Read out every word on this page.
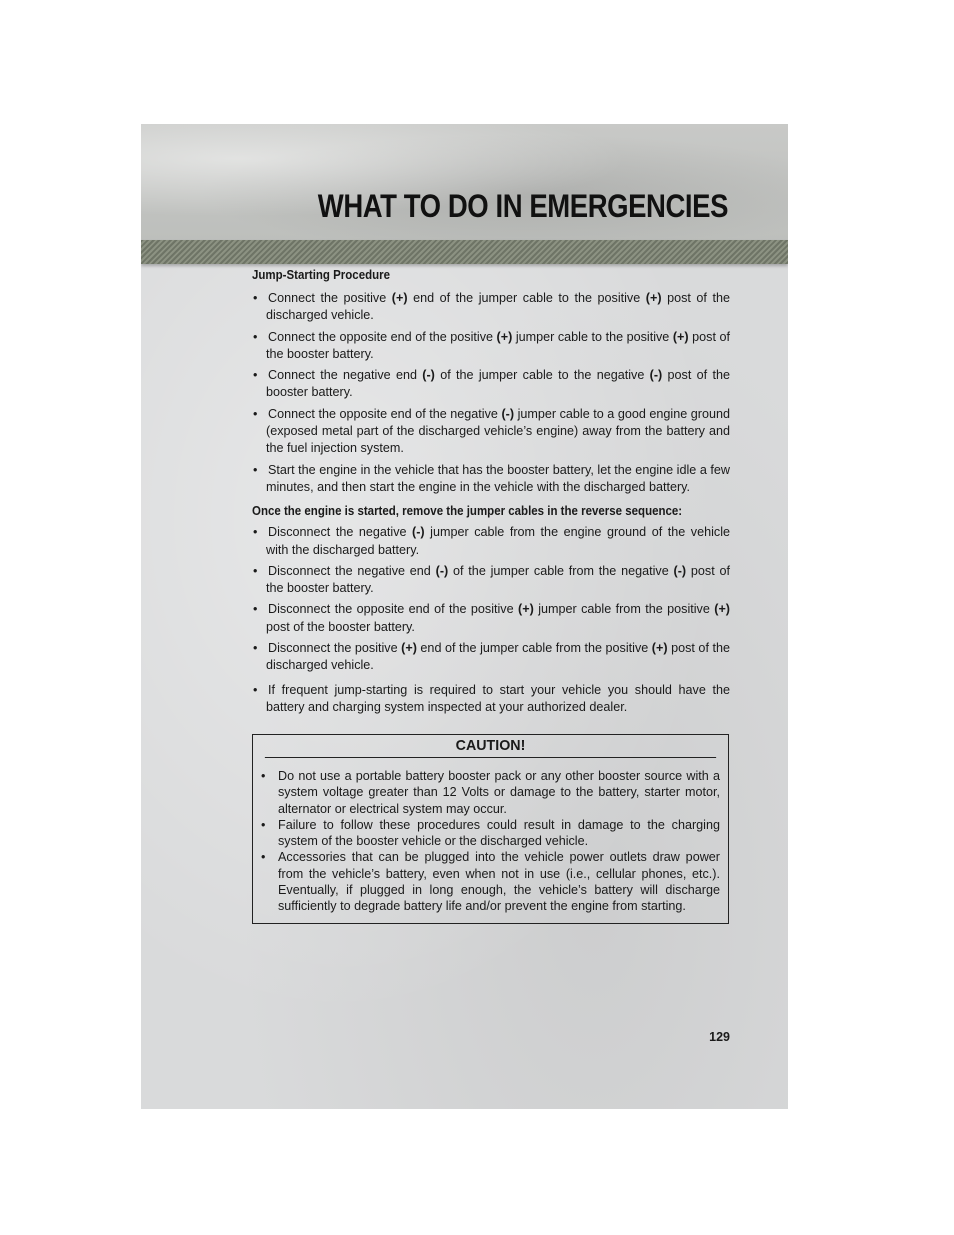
WHAT TO DO IN EMERGENCIES
Jump-Starting Procedure
• Connect the positive (+) end of the jumper cable to the positive (+) post of the discharged vehicle.
• Connect the opposite end of the positive (+) jumper cable to the positive (+) post of the booster battery.
• Connect the negative end (-) of the jumper cable to the negative (-) post of the booster battery.
• Connect the opposite end of the negative (-) jumper cable to a good engine ground (exposed metal part of the discharged vehicle’s engine) away from the battery and the fuel injection system.
• Start the engine in the vehicle that has the booster battery, let the engine idle a few minutes, and then start the engine in the vehicle with the discharged battery.
Once the engine is started, remove the jumper cables in the reverse sequence:
• Disconnect the negative (-) jumper cable from the engine ground of the vehicle with the discharged battery.
• Disconnect the negative end (-) of the jumper cable from the negative (-) post of the booster battery.
• Disconnect the opposite end of the positive (+) jumper cable from the positive (+) post of the booster battery.
• Disconnect the positive (+) end of the jumper cable from the positive (+) post of the discharged vehicle.
• If frequent jump-starting is required to start your vehicle you should have the battery and charging system inspected at your authorized dealer.
CAUTION!
• Do not use a portable battery booster pack or any other booster source with a system voltage greater than 12 Volts or damage to the battery, starter motor, alternator or electrical system may occur.
• Failure to follow these procedures could result in damage to the charging system of the booster vehicle or the discharged vehicle.
• Accessories that can be plugged into the vehicle power outlets draw power from the vehicle’s battery, even when not in use (i.e., cellular phones, etc.). Eventually, if plugged in long enough, the vehicle’s battery will discharge sufficiently to degrade battery life and/or prevent the engine from starting.
129
